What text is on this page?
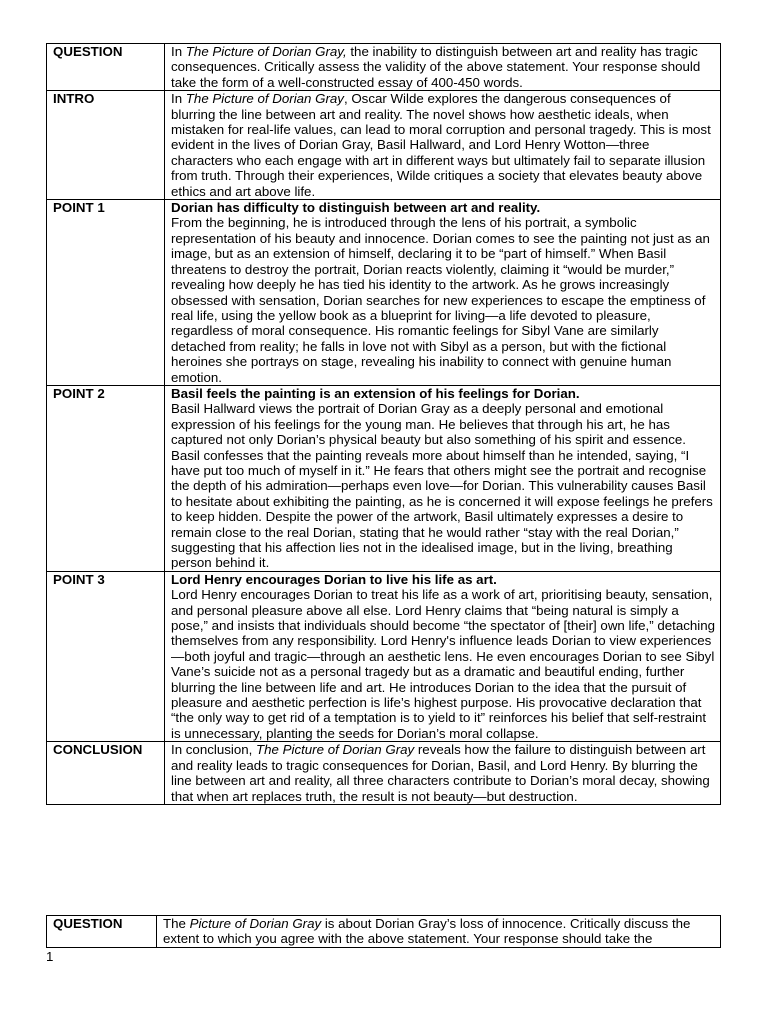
QUESTION	In The Picture of Dorian Gray, the inability to distinguish between art and reality has tragic consequences. Critically assess the validity of the above statement. Your response should take the form of a well-constructed essay of 400-450 words.
INTRO	In The Picture of Dorian Gray, Oscar Wilde explores the dangerous consequences of blurring the line between art and reality. The novel shows how aesthetic ideals, when mistaken for real-life values, can lead to moral corruption and personal tragedy. This is most evident in the lives of Dorian Gray, Basil Hallward, and Lord Henry Wotton—three characters who each engage with art in different ways but ultimately fail to separate illusion from truth. Through their experiences, Wilde critiques a society that elevates beauty above ethics and art above life.
POINT 1	Dorian has difficulty to distinguish between art and reality.
From the beginning, he is introduced through the lens of his portrait, a symbolic representation of his beauty and innocence. Dorian comes to see the painting not just as an image, but as an extension of himself, declaring it to be “part of himself.” When Basil threatens to destroy the portrait, Dorian reacts violently, claiming it “would be murder,” revealing how deeply he has tied his identity to the artwork. As he grows increasingly obsessed with sensation, Dorian searches for new experiences to escape the emptiness of real life, using the yellow book as a blueprint for living—a life devoted to pleasure, regardless of moral consequence. His romantic feelings for Sibyl Vane are similarly detached from reality; he falls in love not with Sibyl as a person, but with the fictional heroines she portrays on stage, revealing his inability to connect with genuine human emotion.
POINT 2	Basil feels the painting is an extension of his feelings for Dorian.
Basil Hallward views the portrait of Dorian Gray as a deeply personal and emotional expression of his feelings for the young man. He believes that through his art, he has captured not only Dorian’s physical beauty but also something of his spirit and essence. Basil confesses that the painting reveals more about himself than he intended, saying, “I have put too much of myself in it.” He fears that others might see the portrait and recognise the depth of his admiration—perhaps even love—for Dorian. This vulnerability causes Basil to hesitate about exhibiting the painting, as he is concerned it will expose feelings he prefers to keep hidden. Despite the power of the artwork, Basil ultimately expresses a desire to remain close to the real Dorian, stating that he would rather “stay with the real Dorian,” suggesting that his affection lies not in the idealised image, but in the living, breathing person behind it.
POINT 3	Lord Henry encourages Dorian to live his life as art.
Lord Henry encourages Dorian to treat his life as a work of art, prioritising beauty, sensation, and personal pleasure above all else. Lord Henry claims that “being natural is simply a pose,” and insists that individuals should become “the spectator of [their] own life,” detaching themselves from any responsibility. Lord Henry's influence leads Dorian to view experiences—both joyful and tragic—through an aesthetic lens. He even encourages Dorian to see Sibyl Vane’s suicide not as a personal tragedy but as a dramatic and beautiful ending, further blurring the line between life and art. He introduces Dorian to the idea that the pursuit of pleasure and aesthetic perfection is life’s highest purpose. His provocative declaration that “the only way to get rid of a temptation is to yield to it” reinforces his belief that self-restraint is unnecessary, planting the seeds for Dorian’s moral collapse.
CONCLUSION	In conclusion, The Picture of Dorian Gray reveals how the failure to distinguish between art and reality leads to tragic consequences for Dorian, Basil, and Lord Henry. By blurring the line between art and reality, all three characters contribute to Dorian’s moral decay, showing that when art replaces truth, the result is not beauty—but destruction.
QUESTION	The Picture of Dorian Gray is about Dorian Gray’s loss of innocence. Critically discuss the extent to which you agree with the above statement. Your response should take the
1
